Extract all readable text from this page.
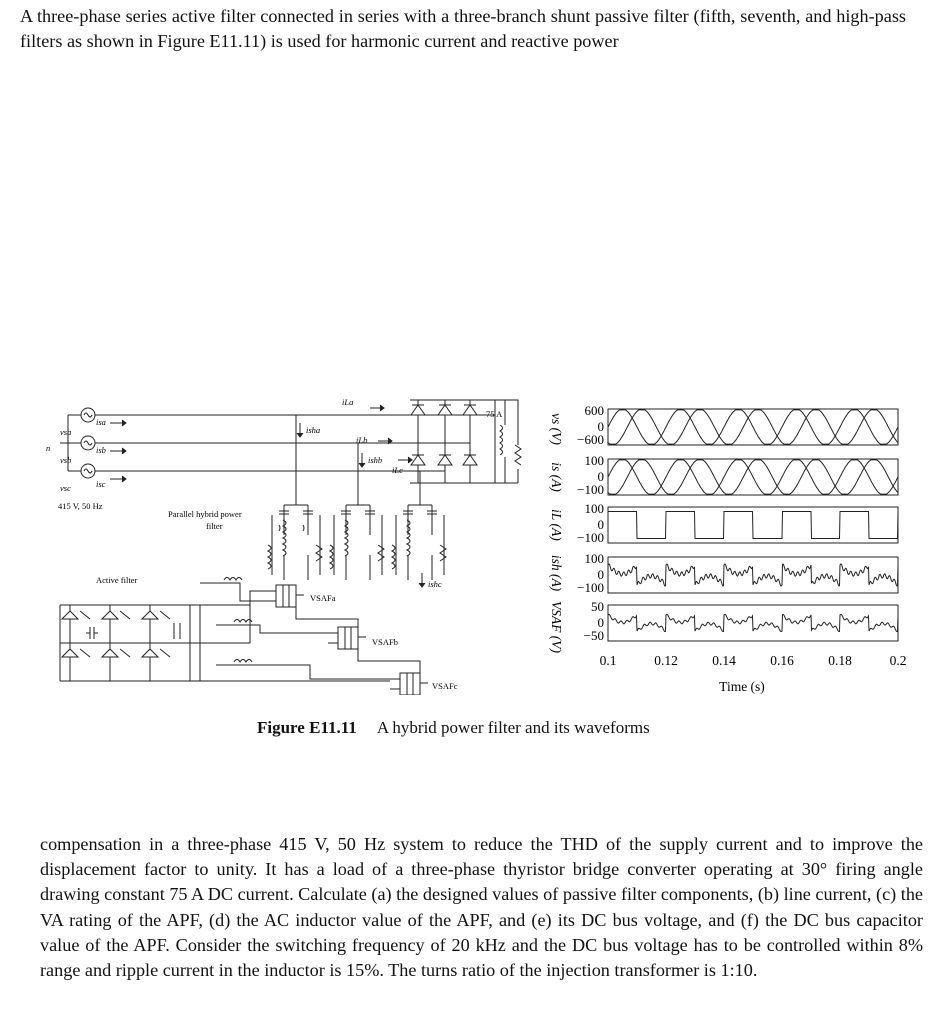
A three-phase series active filter connected in series with a three-branch shunt passive filter (fifth, seventh, and high-pass filters as shown in Figure E11.11) is used for harmonic current and reactive power

n
vsa
vsb
vsc
isa
isb
isc
415 V, 50 Hz
Parallel hybrid power
filter
Active filter
iLa
iLb
iLc
isha
ishb
ishc
VSAFa
VSAFb
VSAFc
75 A	600
0
−600
100
0
−100
100
0
−100
100
0
−100
50
0
−50
vs (V)
is (A)
iL (A)
ish (A)
VSAF (V)
0.1	0.12	0.14	0.16	0.18	0.2
Time (s)
Figure E11.11 A hybrid power filter and its waveforms

compensation in a three-phase 415 V, 50 Hz system to reduce the THD of the supply current and to improve the displacement factor to unity. It has a load of a three-phase thyristor bridge converter operating at 30° firing angle drawing constant 75 A DC current. Calculate (a) the designed values of passive filter components, (b) line current, (c) the VA rating of the APF, (d) the AC inductor value of the APF, and (e) its DC bus voltage, and (f) the DC bus capacitor value of the APF. Consider the switching frequency of 20 kHz and the DC bus voltage has to be controlled within 8% range and ripple current in the inductor is 15%. The turns ratio of the injection transformer is 1:10.
